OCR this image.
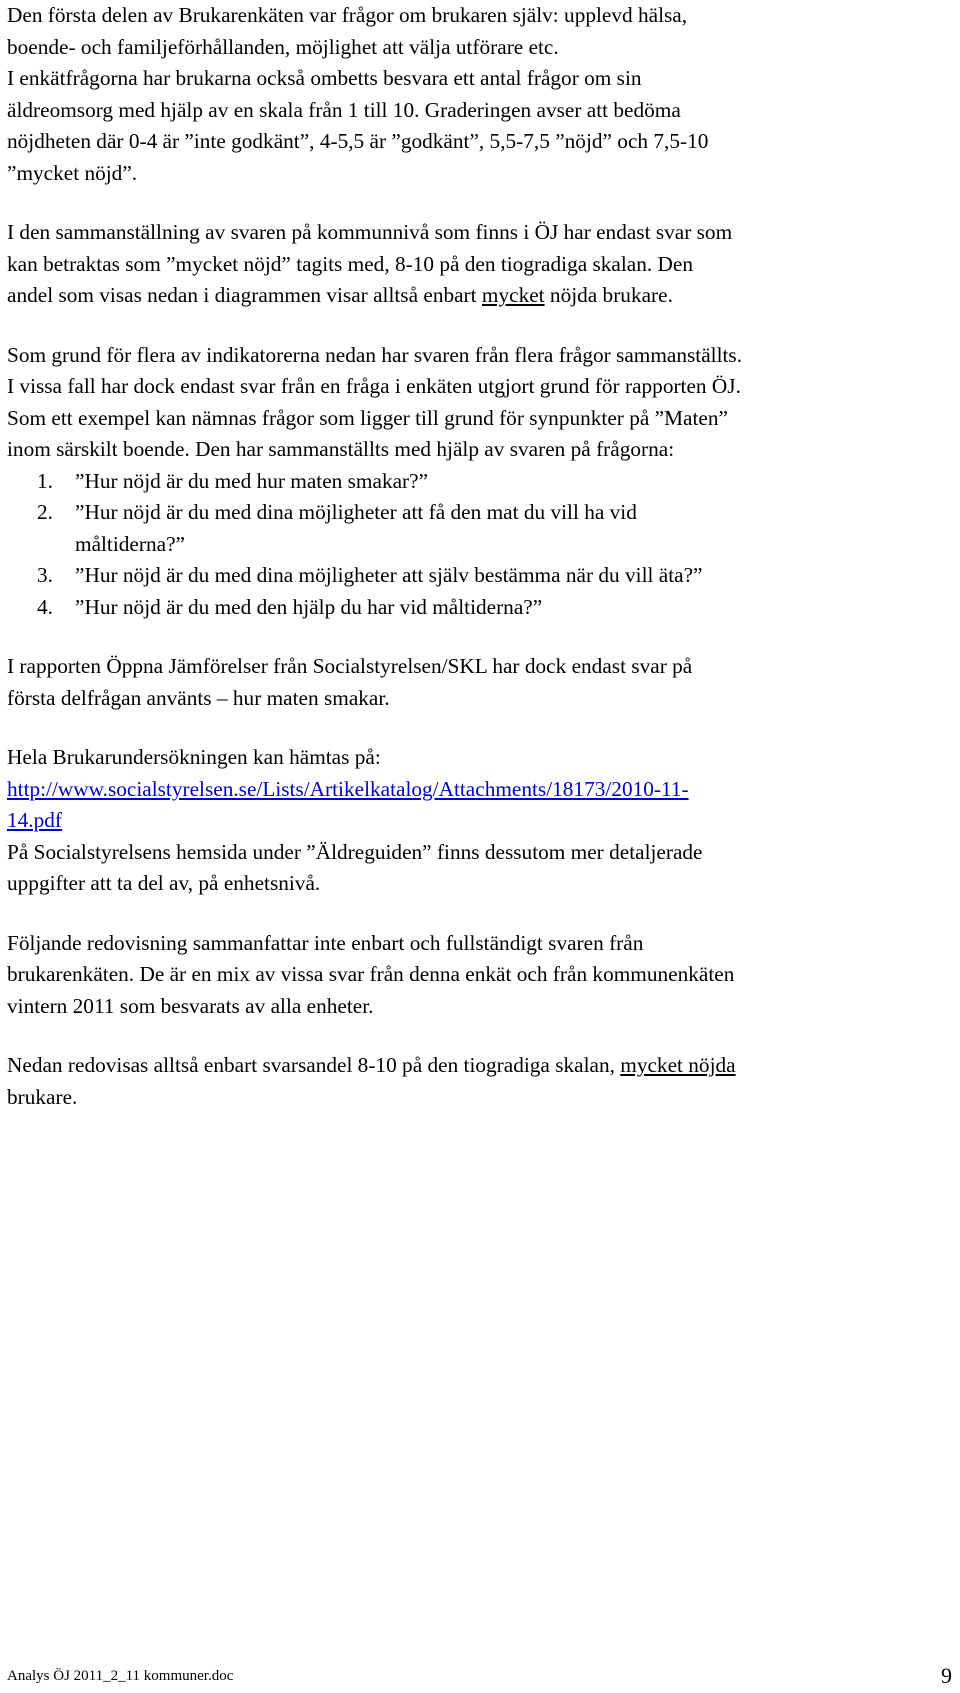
Den första delen av Brukarenkäten var frågor om brukaren själv: upplevd hälsa,

boende- och familjeförhållanden, möjlighet att välja utförare etc.

I enkätfrågorna har brukarna också ombetts besvara ett antal frågor om sin

äldreomsorg med hjälp av en skala från 1 till 10. Graderingen avser att bedöma

nöjdheten där 0-4 är ”inte godkänt”, 4-5,5 är ”godkänt”, 5,5-7,5 ”nöjd” och 7,5-10

”mycket nöjd”.

I den sammanställning av svaren på kommunnivå som finns i ÖJ har endast svar som

kan betraktas som ”mycket nöjd” tagits med, 8-10 på den tiogradiga skalan. Den

andel som visas nedan i diagrammen visar alltså enbart mycket nöjda brukare.

Som grund för flera av indikatorerna nedan har svaren från flera frågor sammanställts.

I vissa fall har dock endast svar från en fråga i enkäten utgjort grund för rapporten ÖJ.

Som ett exempel kan nämnas frågor som ligger till grund för synpunkter på ”Maten”

inom särskilt boende. Den har sammanställts med hjälp av svaren på frågorna:

1. ”Hur nöjd är du med hur maten smakar?”

2. ”Hur nöjd är du med dina möjligheter att få den mat du vill ha vid

måltiderna?”

3. ”Hur nöjd är du med dina möjligheter att själv bestämma när du vill äta?”

4. ”Hur nöjd är du med den hjälp du har vid måltiderna?”

I rapporten Öppna Jämförelser från Socialstyrelsen/SKL har dock endast svar på

första delfrågan använts – hur maten smakar.

Hela Brukarundersökningen kan hämtas på:

http://www.socialstyrelsen.se/Lists/Artikelkatalog/Attachments/18173/2010-11-

14.pdf

På Socialstyrelsens hemsida under ”Äldreguiden” finns dessutom mer detaljerade

uppgifter att ta del av, på enhetsnivå.

Följande redovisning sammanfattar inte enbart och fullständigt svaren från

brukarenkäten. De är en mix av vissa svar från denna enkät och från kommunenkäten

vintern 2011 som besvarats av alla enheter.

Nedan redovisas alltså enbart svarsandel 8-10 på den tiogradiga skalan, mycket nöjda

brukare.

Analys ÖJ 2011_2_11 kommuner.doc	9
